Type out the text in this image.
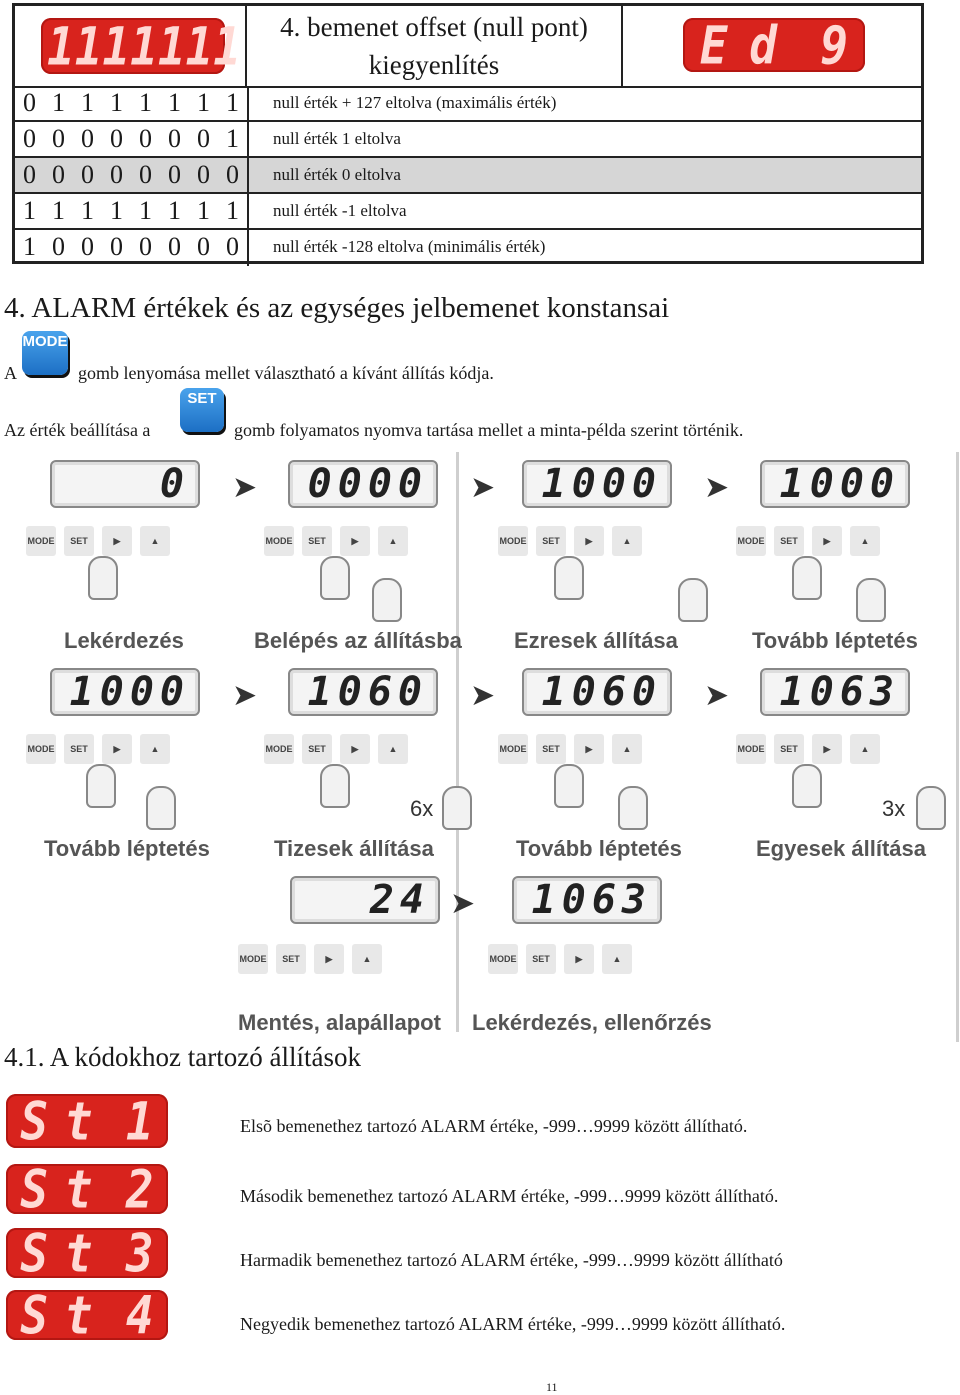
1 1 1 1 1 1 1	4. bemenet offset (null pont)
kiegyenlítés	E d 9
0 1 1 1 1 1 1 1	null érték + 127 eltolva (maximális érték)
0 0 0 0 0 0 0 1	null érték 1 eltolva
0 0 0 0 0 0 0 0	null érték 0 eltolva
1 1 1 1 1 1 1 1	null érték -1 eltolva
1 0 0 0 0 0 0 0	null érték -128 eltolva (minimális érték)
4. ALARM értékek és az egységes jelbemenet konstansai
A
MODE
gomb lenyomása mellet választható a kívánt állítás kódja.
Az érték beállítása a
SET
gomb folyamatos nyomva tartása mellet a minta-példa szerint történik.
0	➤
MODE	SET	▶	▲
Lekérdezés
0000	➤
MODE	SET	▶	▲
Belépés az állításba
1000	➤
MODE	SET	▶	▲
Ezresek állítása
1000
MODE	SET	▶	▲
Tovább léptetés
1000	➤
MODE	SET	▶	▲
Tovább léptetés
1060	➤
MODE	SET	▶	▲
6x
Tizesek állítása
1060	➤
MODE	SET	▶	▲
Tovább léptetés
1063
MODE	SET	▶	▲
3x
Egyesek állítása
24 ➤
MODE	SET	▶	▲
Mentés, alapállapot
1063
MODE	SET	▶	▲
Lekérdezés, ellenőrzés
4.1. A kódokhoz tartozó állítások
S t 1	Elsõ bemenethez tartozó ALARM értéke, -999…9999 között állítható.
S t 2	Második bemenethez tartozó ALARM értéke, -999…9999 között állítható.
S t 3	Harmadik bemenethez tartozó ALARM értéke, -999…9999 között állítható
S t 4	Negyedik bemenethez tartozó ALARM értéke, -999…9999 között állítható.
11
